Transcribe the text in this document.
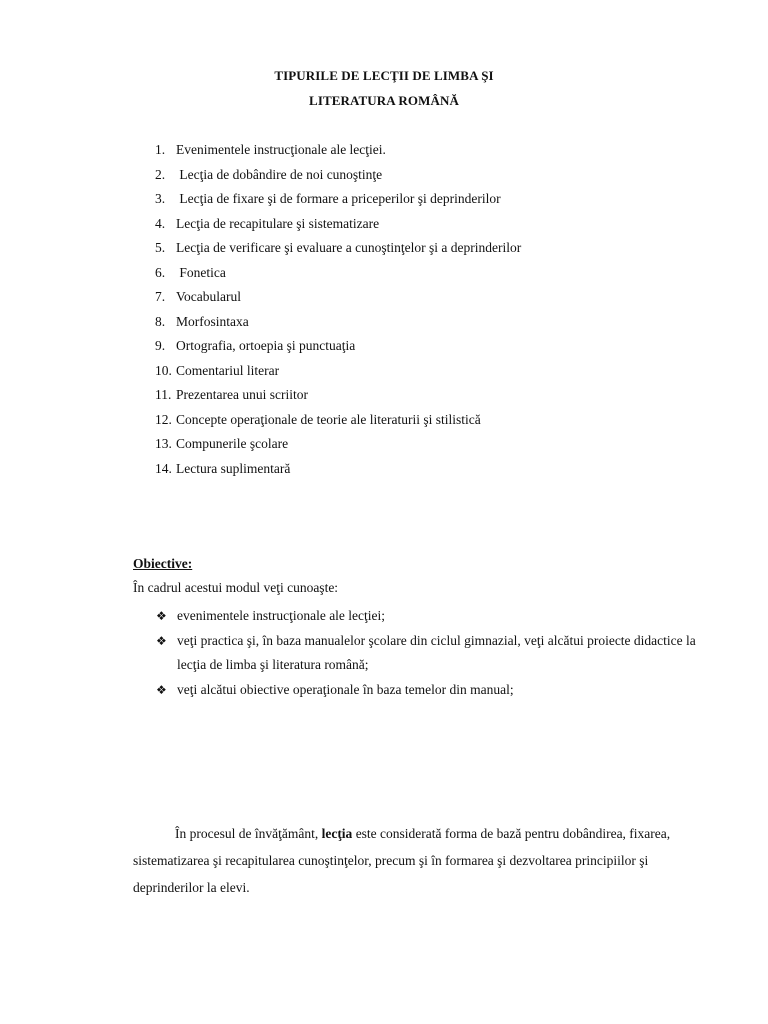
TIPURILE DE LECŢII DE LIMBA ŞI
LITERATURA ROMÂNĂ
1. Evenimentele instrucţionale ale lecţiei.
2. Lecţia de dobândire de noi cunoştinţe
3. Lecţia de fixare şi de formare a priceperilor şi deprinderilor
4. Lecţia de recapitulare şi sistematizare
5. Lecţia de verificare şi evaluare a cunoştinţelor şi a deprinderilor
6. Fonetica
7. Vocabularul
8. Morfosintaxa
9. Ortografia, ortoepia şi punctuaţia
10. Comentariul literar
11. Prezentarea unui scriitor
12. Concepte operaţionale de teorie ale literaturii şi stilistică
13. Compunerile şcolare
14. Lectura suplimentară
Obiective:
În cadrul acestui modul veţi cunoaşte:
❖ evenimentele instrucţionale ale lecţiei;
❖ veţi practica şi, în baza manualelor şcolare din ciclul gimnazial, veţi alcătui proiecte didactice la lecţia de limba şi literatura română;
❖ veţi alcătui obiective operaţionale în baza temelor din manual;

În procesul de învăţământ, lecţia este considerată forma de bază pentru dobândirea, fixarea, sistematizarea şi recapitularea cunoştinţelor, precum şi în formarea şi dezvoltarea principiilor şi deprinderilor la elevi.
